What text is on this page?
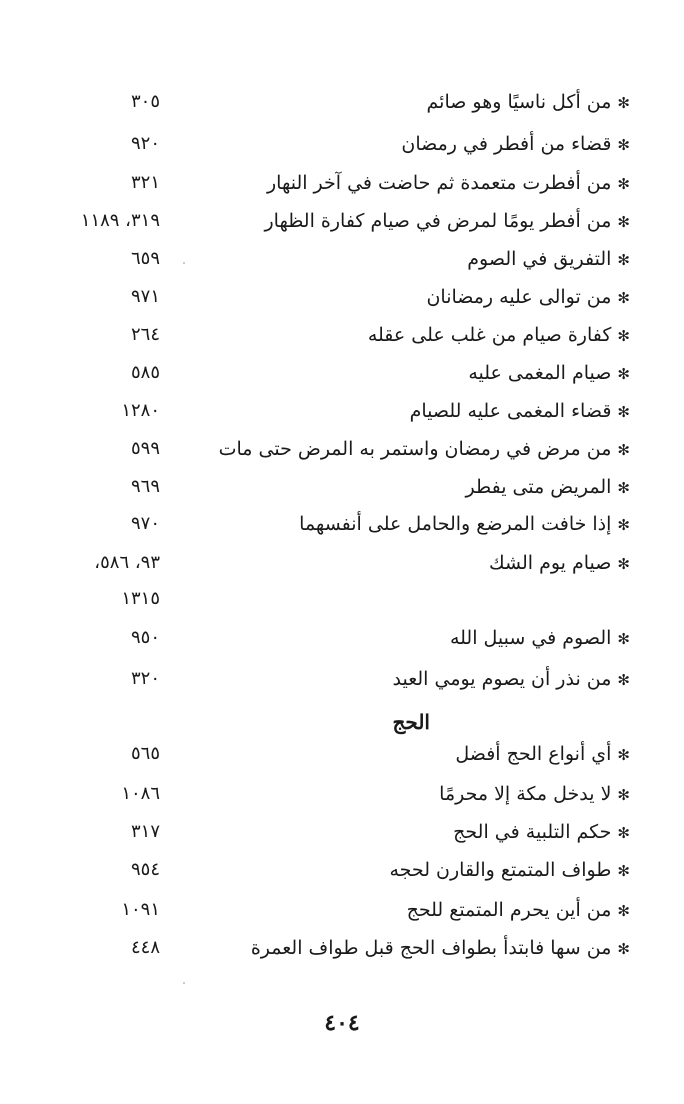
✻من أكل ناسيًا وهو صائم
٣٠٥
✻قضاء من أفطر في رمضان
٩٢٠
✻من أفطرت متعمدة ثم حاضت في آخر النهار
٣٢١
✻من أفطر يومًا لمرض في صيام كفارة الظهار
٣١٩، ١١٨٩
✻التفريق في الصوم
٦٥٩
✻من توالى عليه رمضانان
٩٧١
✻كفارة صيام من غلب على عقله
٢٦٤
✻صيام المغمى عليه
٥٨٥
✻قضاء المغمى عليه للصيام
١٢٨٠
✻من مرض في رمضان واستمر به المرض حتى مات
٥٩٩
✻المريض متى يفطر
٩٦٩
✻إذا خافت المرضع والحامل على أنفسهما
٩٧٠
✻صيام يوم الشك
٩٣، ٥٨٦،
١٣١٥
✻الصوم في سبيل الله
٩٥٠
✻من نذر أن يصوم يومي العيد
٣٢٠
الحج
✻أي أنواع الحج أفضل
٥٦٥
✻لا يدخل مكة إلا محرمًا
١٠٨٦
✻حكم التلبية في الحج
٣١٧
✻طواف المتمتع والقارن لحجه
٩٥٤
✻من أين يحرم المتمتع للحج
١٠٩١
✻من سها فابتدأ بطواف الحج قبل طواف العمرة
٤٤٨
٤٠٤
